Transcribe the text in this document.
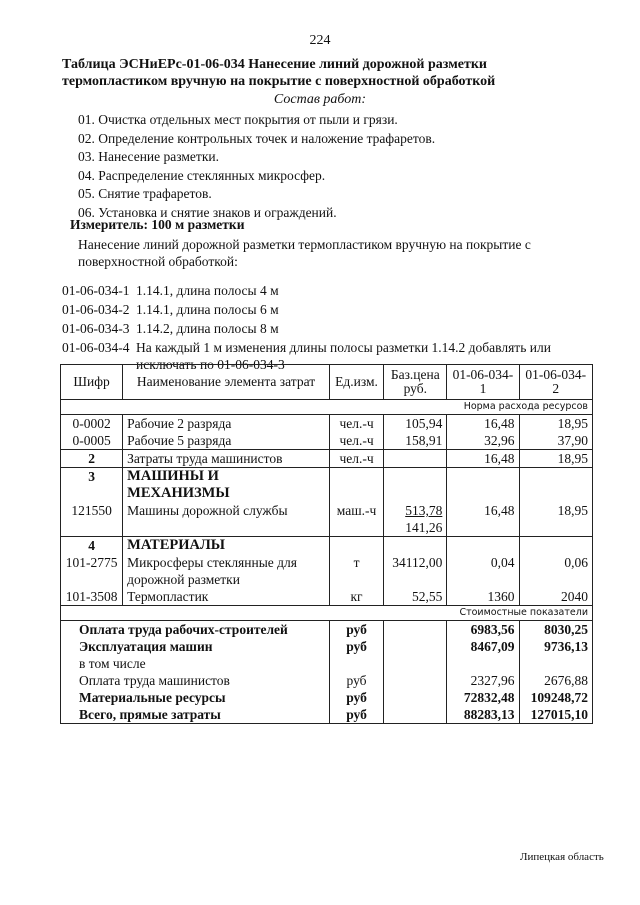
224
Таблица ЭСНиЕРс-01-06-034 Нанесение линий дорожной разметки термопластиком вручную на покрытие с поверхностной обработкой
Состав работ:
01. Очистка отдельных мест покрытия от пыли и грязи.
02. Определение контрольных точек и наложение трафаретов.
03. Нанесение разметки.
04. Распределение стеклянных микросфер.
05. Снятие трафаретов.
06. Установка и снятие знаков и ограждений.
Измеритель: 100 м разметки
Нанесение линий дорожной разметки термопластиком вручную на покрытие с поверхностной обработкой:
01-06-034-1 1.14.1, длина полосы 4 м
01-06-034-2 1.14.1, длина полосы 6 м
01-06-034-3 1.14.2, длина полосы 8 м
01-06-034-4 На каждый 1 м изменения длины полосы разметки 1.14.2 добавлять или исключать по 01-06-034-3
Шифр	Наименование элемента затрат	Ед.изм.	Баз.цена руб.	01-06-034-1	01-06-034-2
Норма расхода ресурсов					
0-0002	Рабочие 2 разряда	чел.-ч	105,94	16,48	18,95
0-0005	Рабочие 5 разряда	чел.-ч	158,91	32,96	37,90
2	Затраты труда машинистов	чел.-ч		16,48	18,95
3	МАШИНЫ И МЕХАНИЗМЫ				
121550	Машины дорожной службы	маш.-ч	513,78	16,48	18,95
			141,26		
4	МАТЕРИАЛЫ				
101-2775	Микросферы стеклянные для дорожной разметки	т	34112,00	0,04	0,06
101-3508	Термопластик	кг	52,55	1360	2040
Стоимостные показатели					
Оплата труда рабочих-строителей		руб		6983,56	8030,25
Эксплуатация машин		руб		8467,09	9736,13
в том числе					
Оплата труда машинистов		руб		2327,96	2676,88
Материальные ресурсы		руб		72832,48	109248,72
Всего, прямые затраты		руб		88283,13	127015,10
Липецкая область
